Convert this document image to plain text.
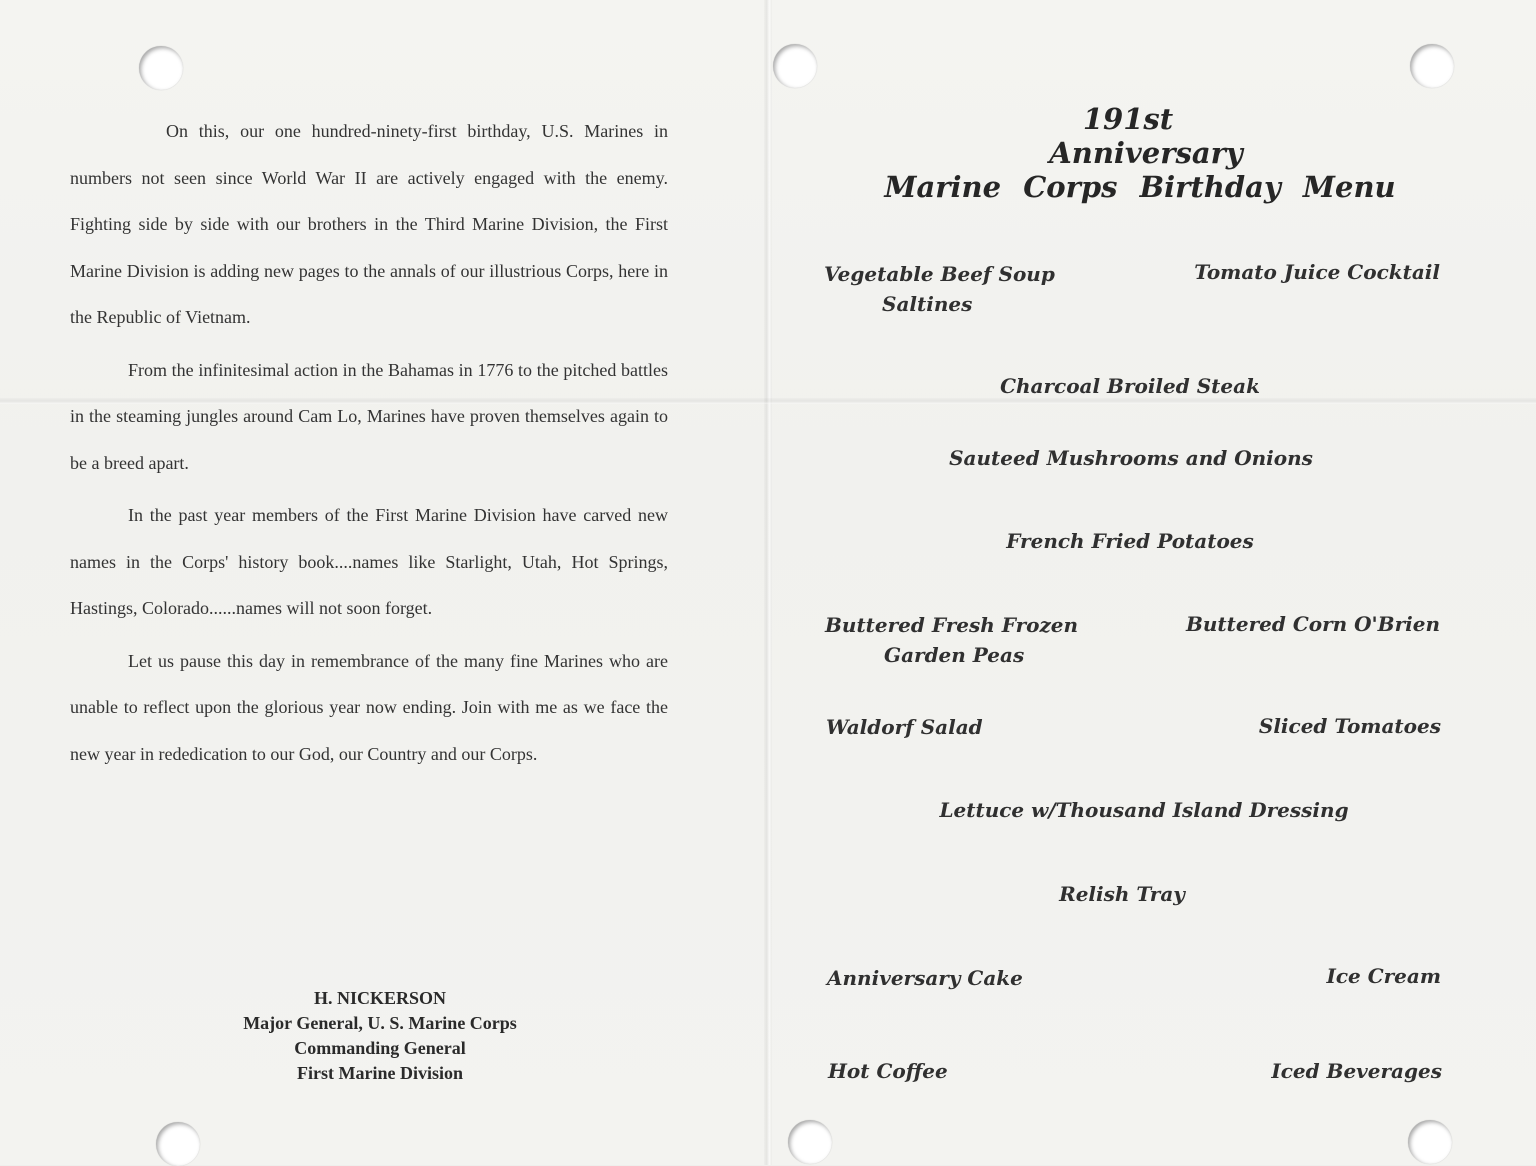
On this, our one hundred-ninety-first birthday, U.S. Marines in numbers not seen since World War II are actively engaged with the enemy. Fighting side by side with our brothers in the Third Marine Division, the First Marine Division is adding new pages to the annals of our illustrious Corps, here in the Republic of Vietnam.

From the infinitesimal action in the Bahamas in 1776 to the pitched battles in the steaming jungles around Cam Lo, Marines have proven themselves again to be a breed apart.

In the past year members of the First Marine Division have carved new names in the Corps' history book....names like Starlight, Utah, Hot Springs, Hastings, Colorado......names will not soon forget.

Let us pause this day in remembrance of the many fine Marines who are unable to reflect upon the glorious year now ending. Join with me as we face the new year in rededication to our God, our Country and our Corps.

H. NICKERSON
Major General, U. S. Marine Corps
Commanding General
First Marine Division
191st
Anniversary
Marine Corps Birthday Menu
Vegetable Beef Soup
Saltines
Tomato Juice Cocktail
Charcoal Broiled Steak
Sauteed Mushrooms and Onions
French Fried Potatoes
Buttered Fresh Frozen
Garden Peas
Buttered Corn O'Brien
Waldorf Salad	Sliced Tomatoes
Lettuce w/Thousand Island Dressing
Relish Tray
Anniversary Cake	Ice Cream
Hot Coffee	Iced Beverages
